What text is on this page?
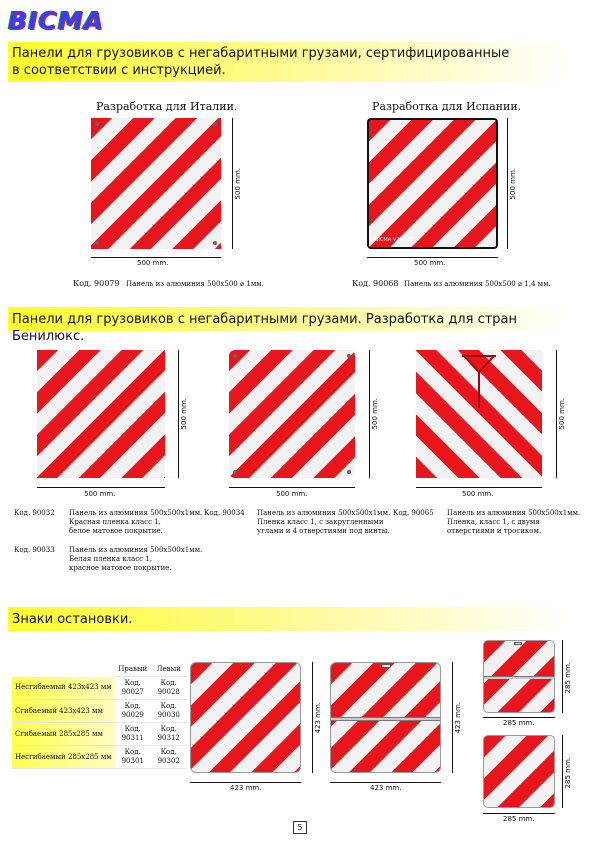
BICMA
Панели для грузовиков с негабаритными грузами, сертифицированные
в соответствии с инструкцией.
Разработка для Италии.
500 mm.
500 mm.
Код. 90079 Панель из алюминия 500x500 ⌀ 1мм.
Разработка для Испании.
BICMA V20.002
500 mm.
500 mm.
Код. 90068 Панель из алюминия 500x500 ⌀ 1,4 мм.
Панели для грузовиков с негабаритными грузами. Разработка для стран Бенилюкс.
500 mm.
500 mm.
500 mm.
500 mm.
500 mm.
500 mm.
Код. 90032 Панель из алюминия 500x500x1мм.
Красная пленка класс 1,
белое матовое покрытие.
Код. 90034 Панель из алюминия 500x500x1мм.
Пленка класс 1, с закругленными
углами и 4 отверстиями под винты.
Код. 90065 Панель из алюминия 500x500x1мм.
Пленка, класс 1, с двумя
отверстиями и тросиком.
Код. 90033 Панель из алюминия 500x500x1мм.
Белая пленка класс 1,
красное матовое покрытие.
Знаки остановки.
	Правый	Левый
Несгибаемый 423x423 мм	Код. 90027	Код. 90028
Сгибаемый 423x423 мм	Код. 90029	Код. 90030
Сгибаемый 285x285 мм	Код. 90311	Код. 90312
Несгибаемый 285x285 мм	Код. 90301	Код. 90302
423 mm.
423 mm.
423 mm.
423 mm.
285 mm.
285 mm.
285 mm.
285 mm.
5
